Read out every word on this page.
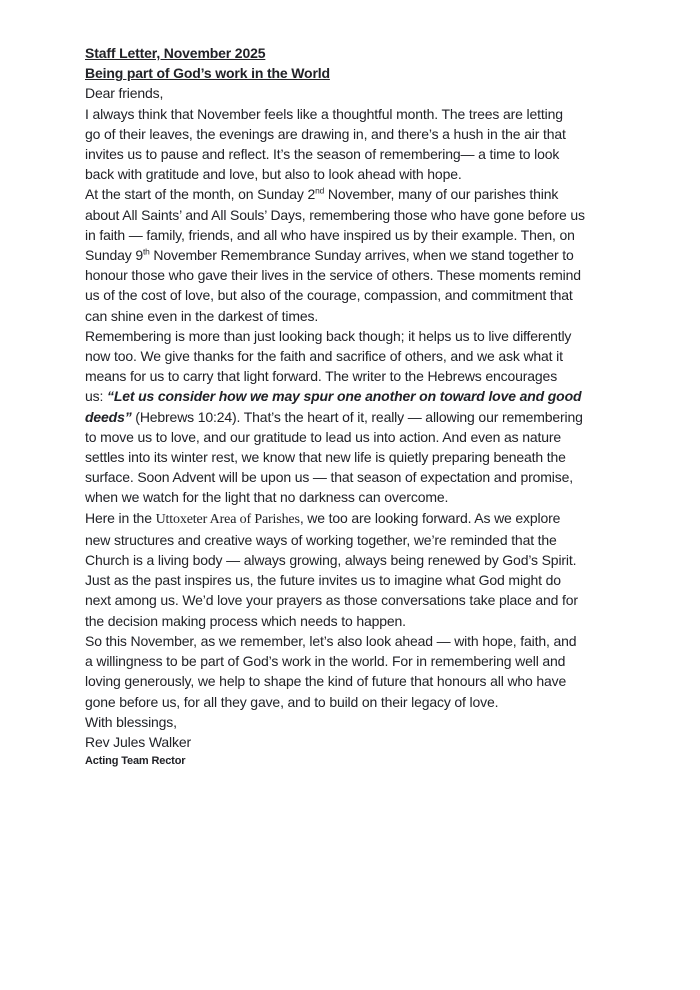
Staff Letter, November 2025
Being part of God’s work in the World
Dear friends,
I always think that November feels like a thoughtful month. The trees are letting
go of their leaves, the evenings are drawing in, and there’s a hush in the air that
invites us to pause and reflect. It’s the season of remembering— a time to look
back with gratitude and love, but also to look ahead with hope.
At the start of the month, on Sunday 2nd November, many of our parishes think
about All Saints’ and All Souls’ Days, remembering those who have gone before us
in faith — family, friends, and all who have inspired us by their example. Then, on
Sunday 9th November Remembrance Sunday arrives, when we stand together to
honour those who gave their lives in the service of others. These moments remind
us of the cost of love, but also of the courage, compassion, and commitment that
can shine even in the darkest of times.
Remembering is more than just looking back though; it helps us to live differently
now too. We give thanks for the faith and sacrifice of others, and we ask what it
means for us to carry that light forward. The writer to the Hebrews encourages
us: “Let us consider how we may spur one another on toward love and good
deeds” (Hebrews 10:24). That’s the heart of it, really — allowing our remembering
to move us to love, and our gratitude to lead us into action. And even as nature
settles into its winter rest, we know that new life is quietly preparing beneath the
surface. Soon Advent will be upon us — that season of expectation and promise,
when we watch for the light that no darkness can overcome.
Here in the Uttoxeter Area of Parishes, we too are looking forward. As we explore
new structures and creative ways of working together, we’re reminded that the
Church is a living body — always growing, always being renewed by God’s Spirit.
Just as the past inspires us, the future invites us to imagine what God might do
next among us. We’d love your prayers as those conversations take place and for
the decision making process which needs to happen.
So this November, as we remember, let’s also look ahead — with hope, faith, and
a willingness to be part of God’s work in the world. For in remembering well and
loving generously, we help to shape the kind of future that honours all who have
gone before us, for all they gave, and to build on their legacy of love.
With blessings,
Rev Jules Walker
Acting Team Rector
